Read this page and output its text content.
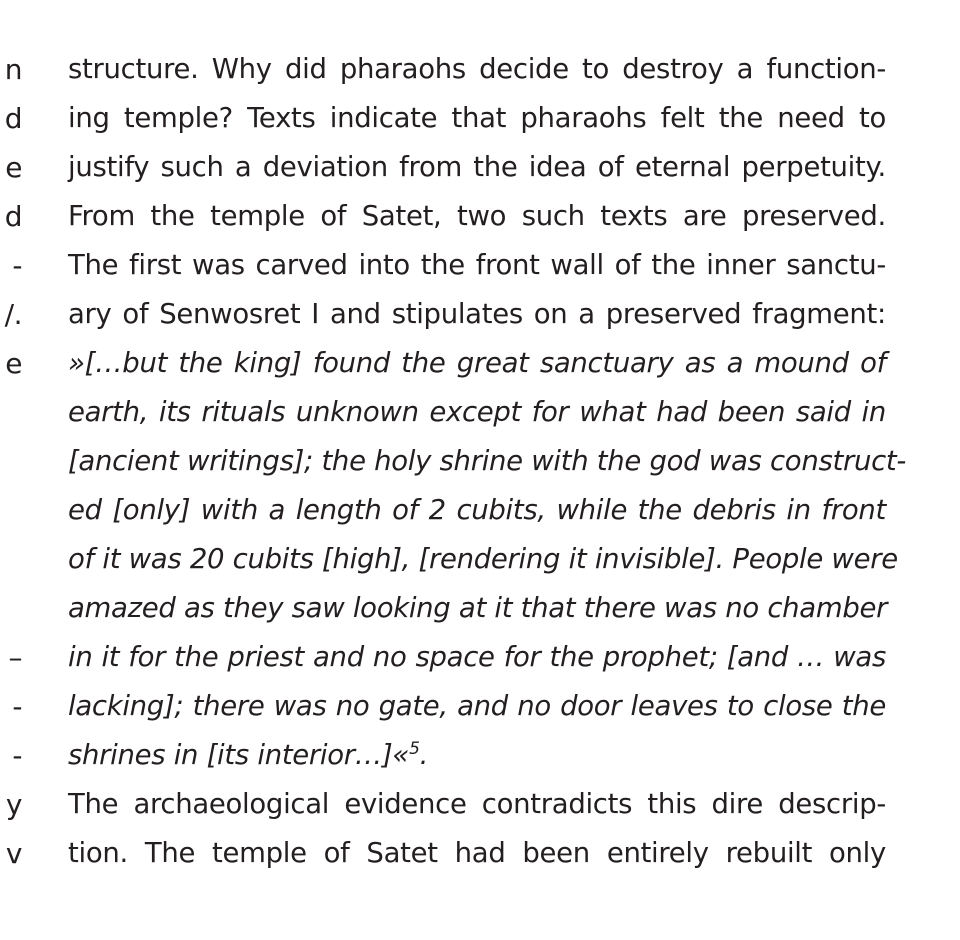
n
d
e
d
-
/.
e
–
-
-
y
v
structure. Why did pharaohs decide to destroy a function-
ing temple? Texts indicate that pharaohs felt the need to
justify such a deviation from the idea of eternal perpetuity.
From the temple of Satet, two such texts are preserved.
The first was carved into the front wall of the inner sanctu-
ary of Senwosret I and stipulates on a preserved fragment:
»[…but the king] found the great sanctuary as a mound of
earth, its rituals unknown except for what had been said in
[ancient writings]; the holy shrine with the god was construct-
ed [only] with a length of 2 cubits, while the debris in front
of it was 20 cubits [high], [rendering it invisible]. People were
amazed as they saw looking at it that there was no chamber
in it for the priest and no space for the prophet; [and … was
lacking]; there was no gate, and no door leaves to close the
shrines in [its interior…]«$^5$.
The archaeological evidence contradicts this dire descrip-
tion. The temple of Satet had been entirely rebuilt only
